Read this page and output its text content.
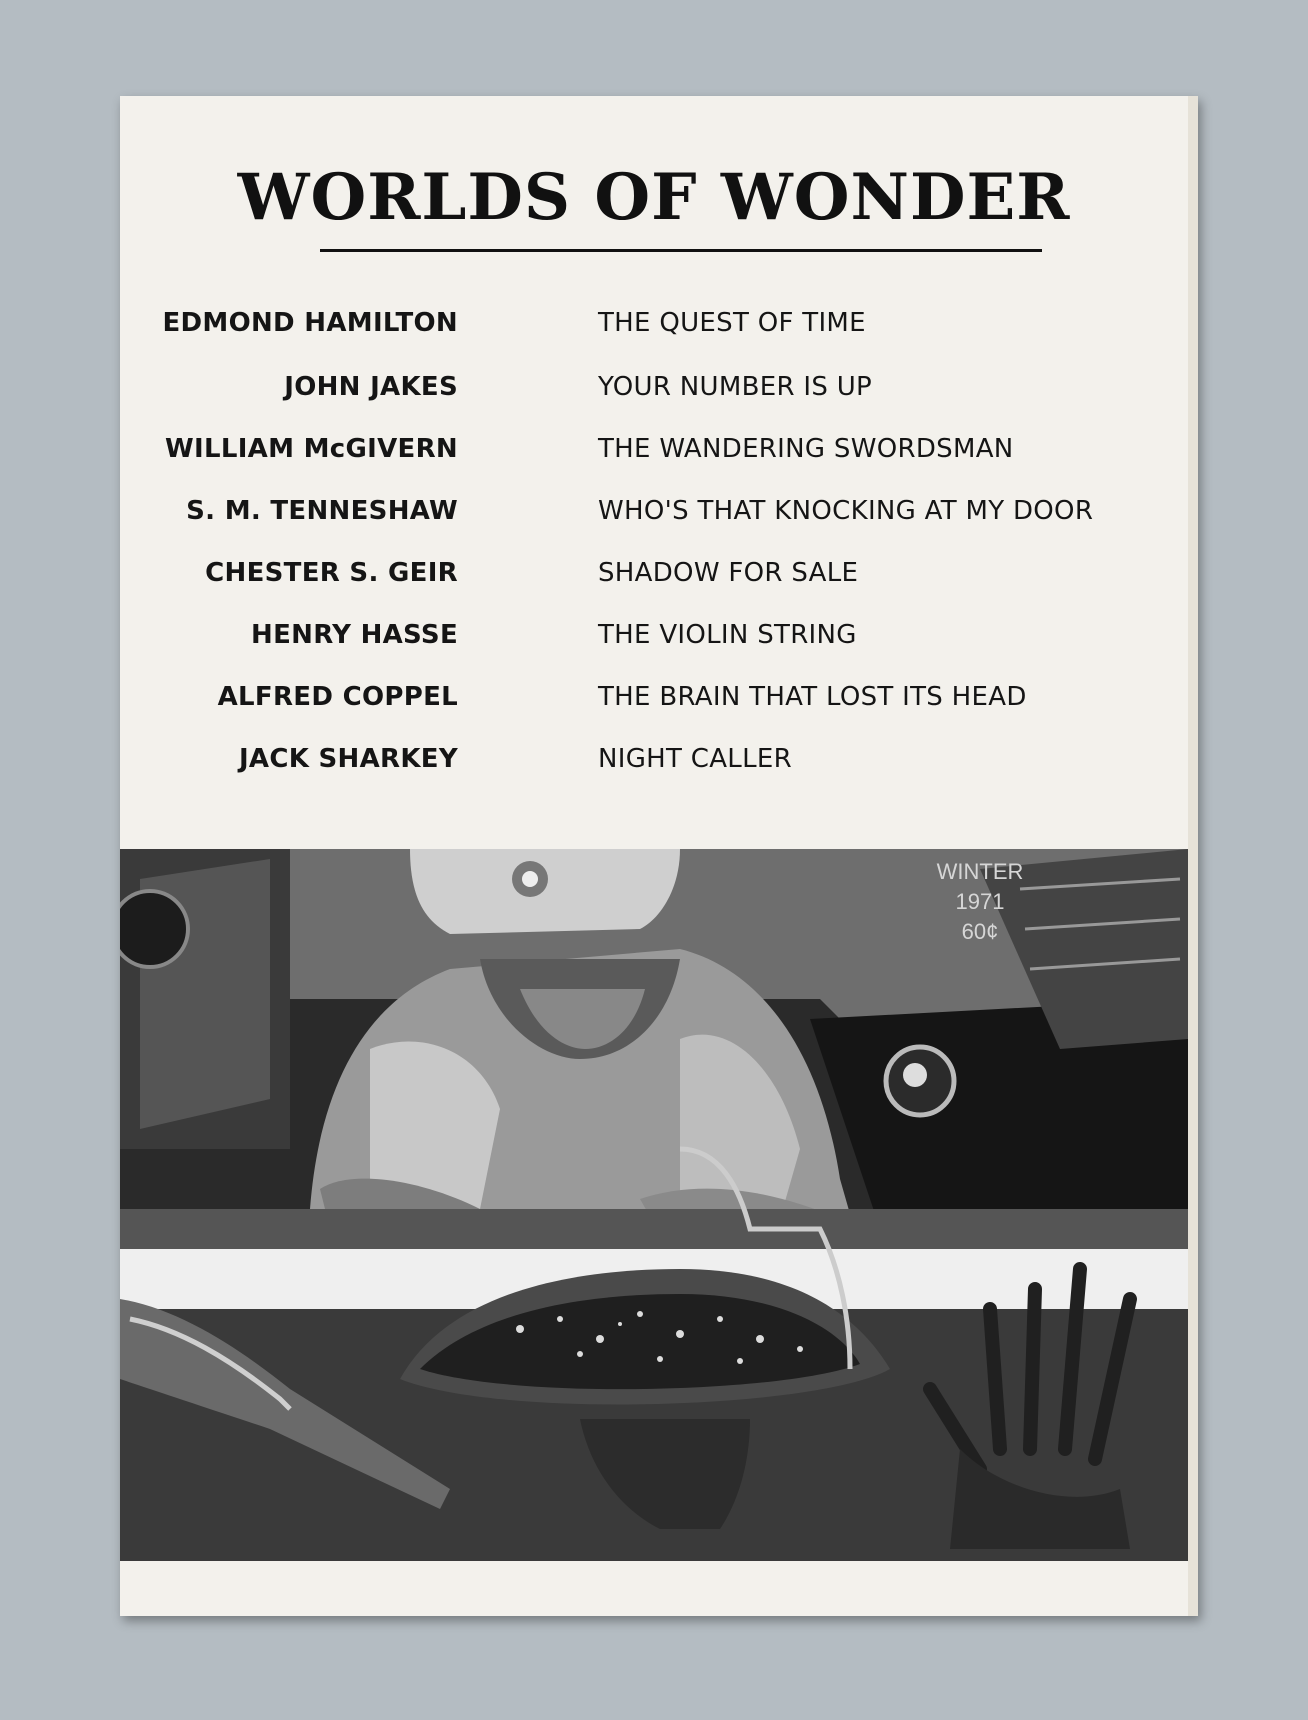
WORLDS OF WONDER
EDMOND HAMILTON	THE QUEST OF TIME
JOHN JAKES	YOUR NUMBER IS UP
WILLIAM McGIVERN	THE WANDERING SWORDSMAN
S. M. TENNESHAW	WHO'S THAT KNOCKING AT MY DOOR
CHESTER S. GEIR	SHADOW FOR SALE
HENRY HASSE	THE VIOLIN STRING
ALFRED COPPEL	THE BRAIN THAT LOST ITS HEAD
JACK SHARKEY	NIGHT CALLER
WINTER
1971
60¢
